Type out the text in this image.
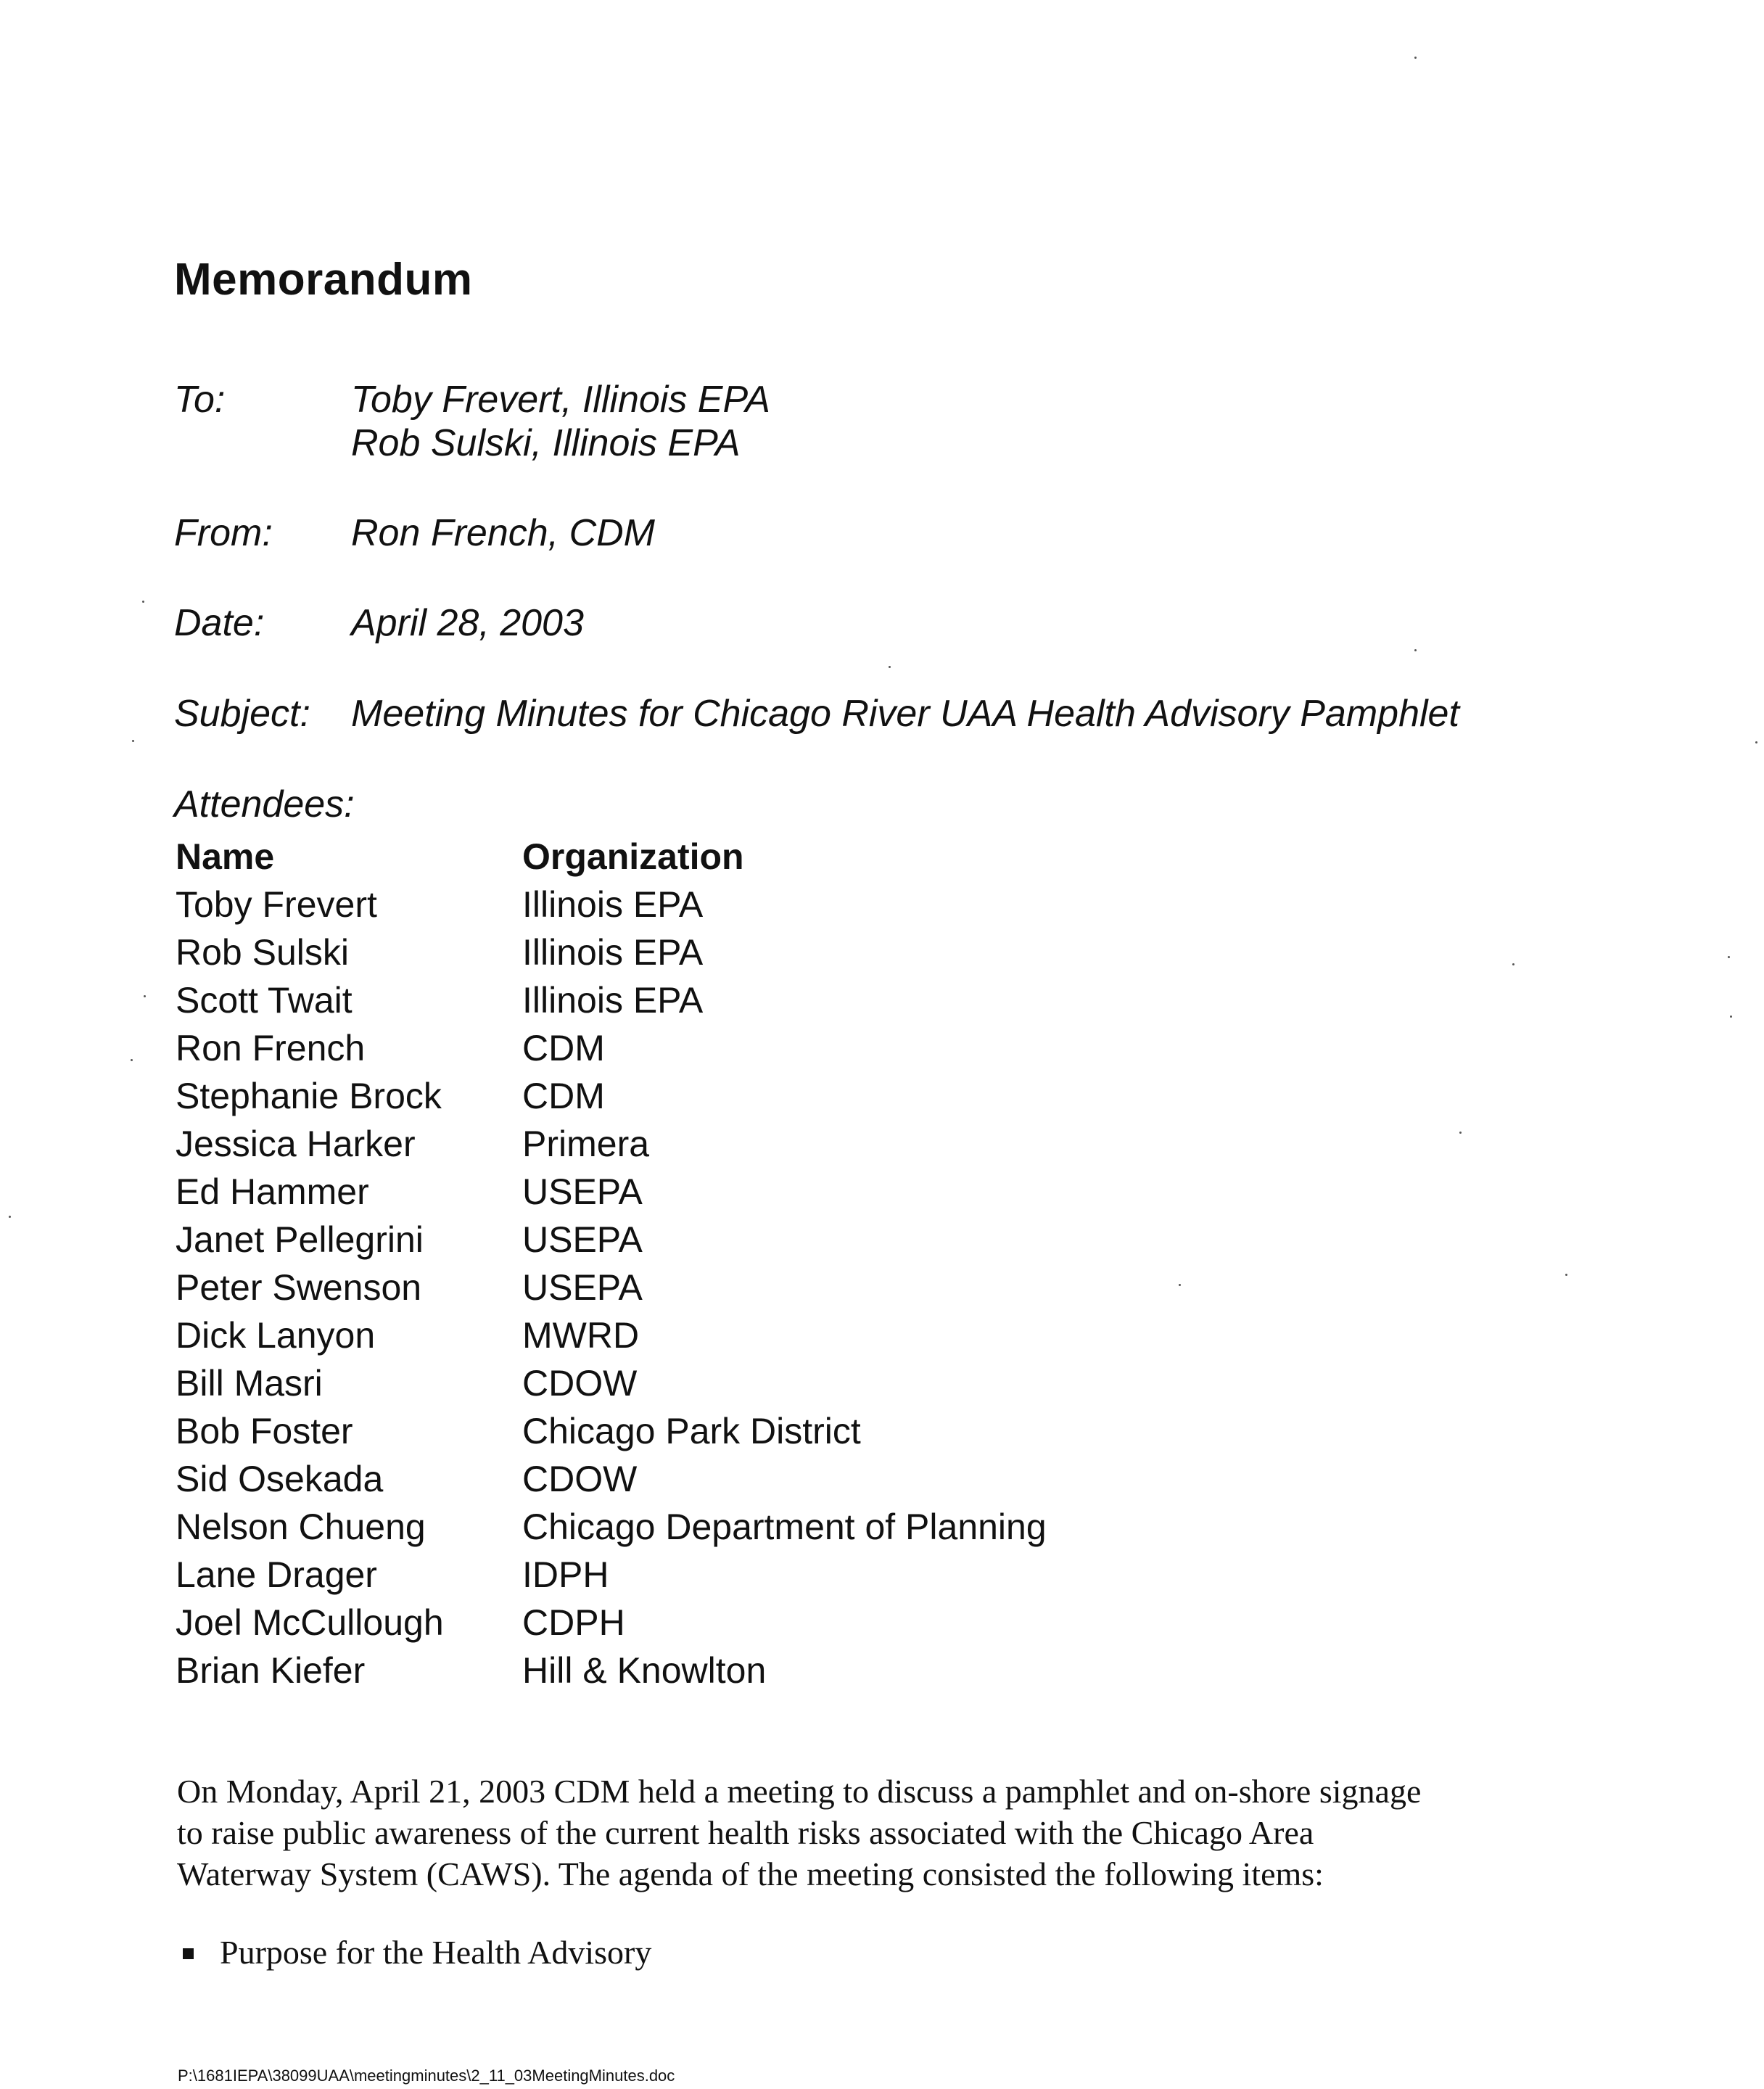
Memorandum
To:	Toby Frevert, Illinois EPA
Rob Sulski, Illinois EPA
From: Ron French, CDM
Date: April 28, 2003
Subject: Meeting Minutes for Chicago River UAA Health Advisory Pamphlet
Attendees:
Name	Organization
Toby Frevert	Illinois EPA
Rob Sulski	Illinois EPA
Scott Twait	Illinois EPA
Ron French	CDM
Stephanie Brock CDM
Jessica Harker	Primera
Ed Hammer	USEPA
Janet Pellegrini	USEPA
Peter Swenson	USEPA
Dick Lanyon	MWRD
Bill Masri	CDOW
Bob Foster	Chicago Park District
Sid Osekada	CDOW
Nelson Chueng	Chicago Department of Planning
Lane Drager	IDPH
Joel McCullough CDPH
Brian Kiefer	Hill & Knowlton
On Monday, April 21, 2003 CDM held a meeting to discuss a pamphlet and on-shore signage
to raise public awareness of the current health risks associated with the Chicago Area
Waterway System (CAWS). The agenda of the meeting consisted the following items:
Purpose for the Health Advisory
P:\1681IEPA\38099UAA\meetingminutes\2_11_03MeetingMinutes.doc
